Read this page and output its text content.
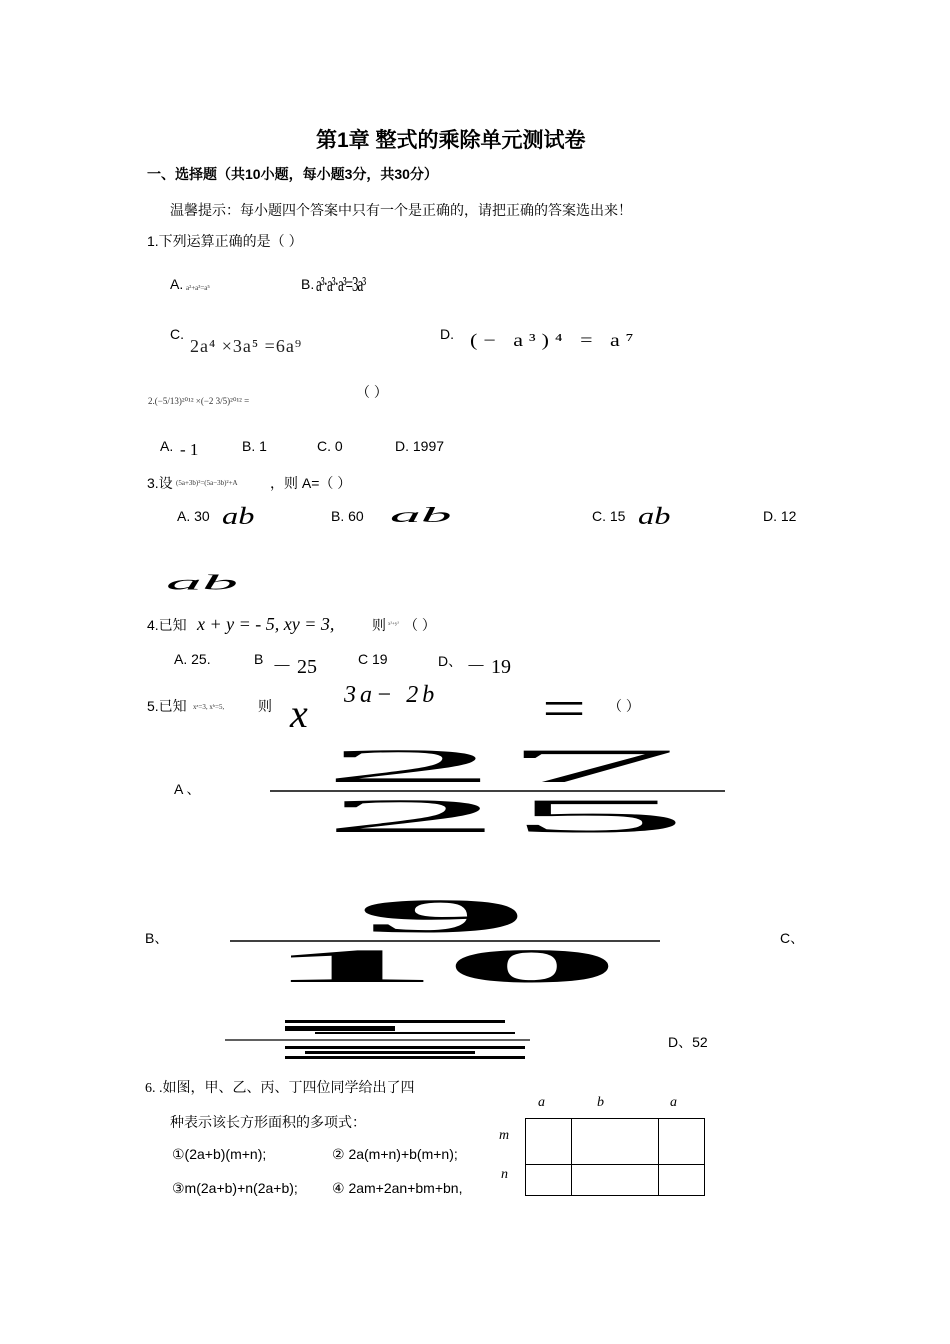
第1章 整式的乘除单元测试卷
一、选择题（共10小题，每小题3分，共30分）
温馨提示：每小题四个答案中只有一个是正确的，请把正确的答案选出来！
1.下列运算正确的是（ ）
A. a²+a³=a⁵	B. a³·a³·a³=3a³
C.
2a⁴ ×3a⁵ =6a⁹
D. (− a³)⁴ = a⁷
2.(−5/13)²⁰¹² ×(−2 3/5)²⁰¹² =
（ ）
A. - 1	B. 1	C. 0	D. 1997
3.设 (5a+3b)²=(5a−3b)²+A ，则 A=（ ）
A. 30 ab	B. 60 ab	C. 15 ab	D. 12
ab
4.已知 x + y = - 5, xy = 3,	则 x²+y² （ ）
A. 25.	B － 25	C 19	D、 － 19
5.已知 xᵃ=3, xᵇ=5, 则 x 3a− 2b = （ ）
A 、 27
25
B、	9
10
C、
D、52
6. .如图，甲、乙、丙、丁四位同学给出了四
种表示该长方形面积的多项式：
①(2a+b)(m+n);	② 2a(m+n)+b(m+n);
③m(2a+b)+n(2a+b); ④ 2am+2an+bm+bn,
a	b	a
m
n
